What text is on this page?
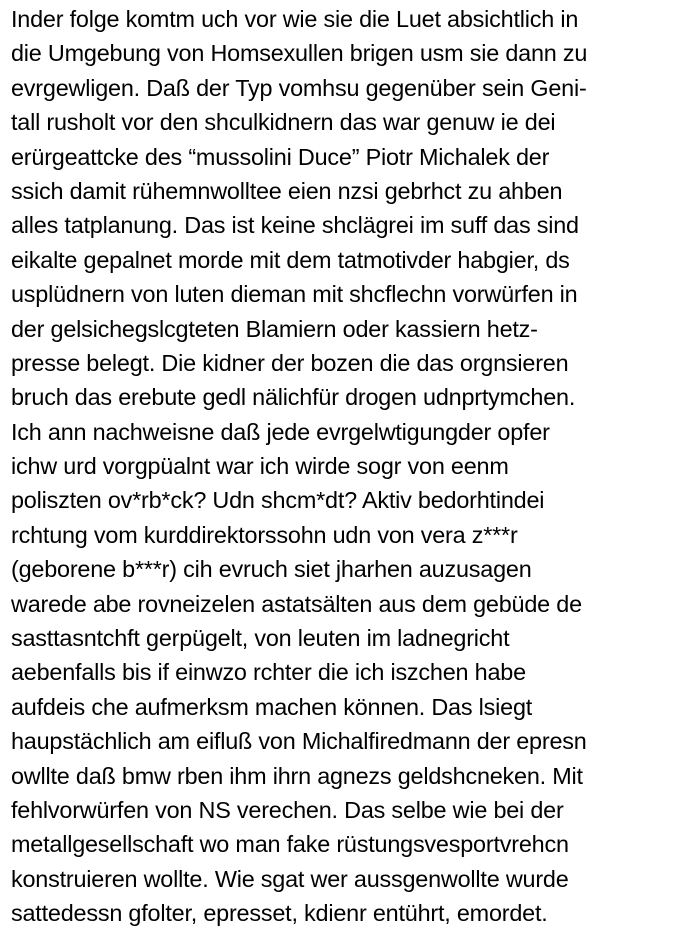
Inder folge komtm uch vor wie sie die Luet absichtlich in
die Umgebung von Homsexullen brigen usm sie dann zu
evrgewligen. Daß der Typ vomhsu gegenüber sein Geni-
tall rusholt vor den shculkidnern das war genuw ie dei
erürgeattcke des “mussolini Duce” Piotr Michalek der
ssich damit rühemnwolltee eien nzsi gebrhct zu ahben
alles tatplanung. Das ist keine shclägrei im suff das sind
eikalte gepalnet morde mit dem tatmotivder habgier, ds
usplüdnern von luten dieman mit shcflechn vorwürfen in
der gelsichegslcgteten Blamiern oder kassiern hetz-
presse belegt. Die kidner der bozen die das orgnsieren
bruch das erebute gedl nälichfür drogen udnprtymchen.
Ich ann nachweisne daß jede evrgelwtigungder opfer
ichw urd vorgpüalnt war ich wirde sogr von eenm
poliszten ov*rb*ck? Udn shcm*dt? Aktiv bedorhtindei
rchtung vom kurddirektorssohn udn von vera z***r
(geborene b***r) cih evruch siet jharhen auzusagen
warede abe rovneizelen astatsälten aus dem gebüde de
sasttasntchft gerpügelt, von leuten im ladnegricht
aebenfalls bis if einwzo rchter die ich iszchen habe
aufdeis che aufmerksm machen können. Das lsiegt
haupstächlich am eifluß von Michalfiredmann der epresn
owllte daß bmw rben ihm ihrn agnezs geldshcneken. Mit
fehlvorwürfen von NS verechen. Das selbe wie bei der
metallgesellschaft wo man fake rüstungsvesportvrehcn
konstruieren wollte. Wie sgat wer aussgenwollte wurde
sattedessn gfolter, epresset, kdienr entührt, emordet.
